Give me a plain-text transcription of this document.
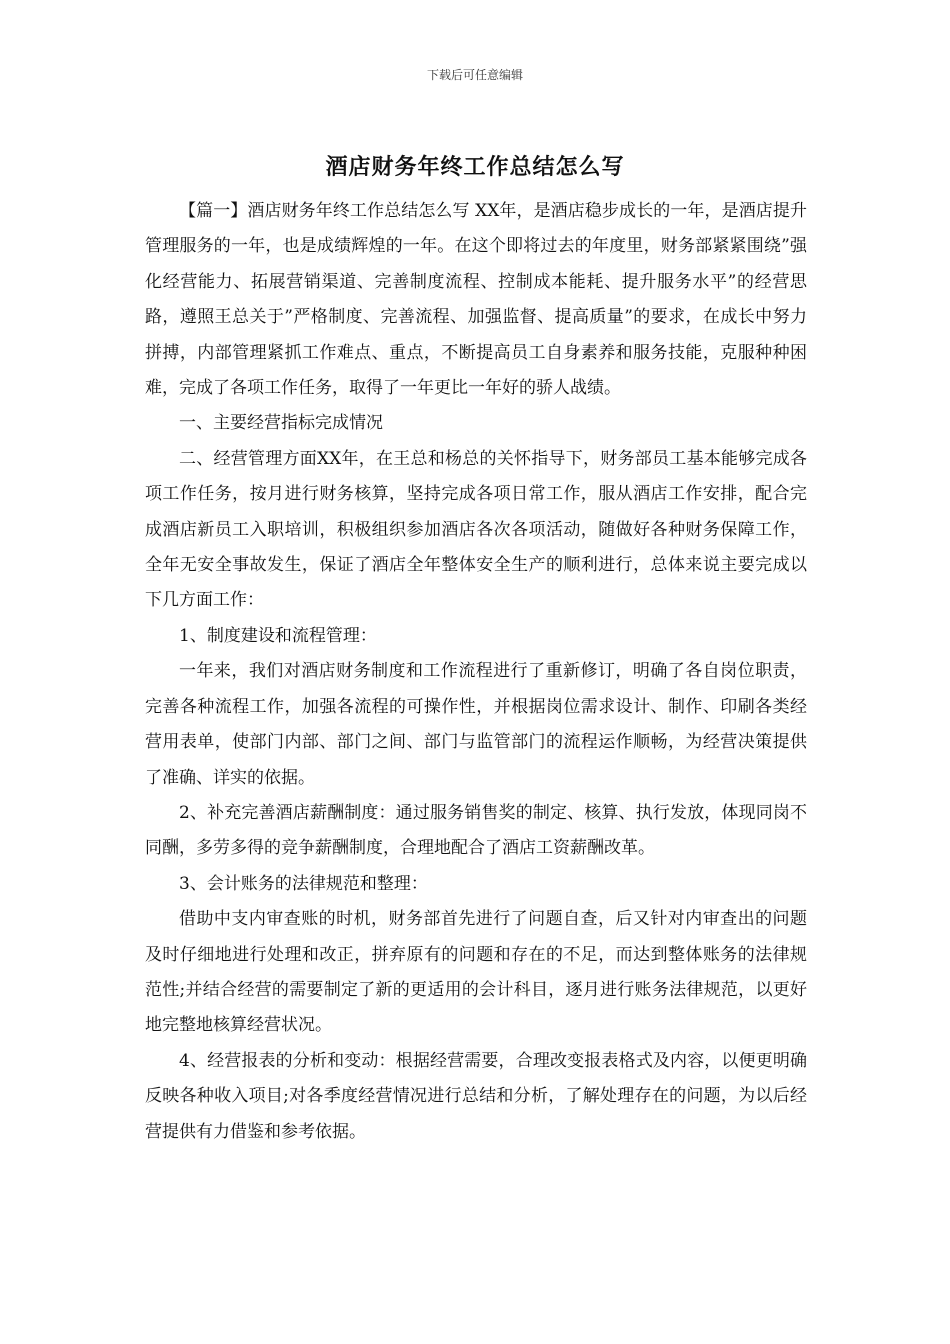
下载后可任意编辑
酒店财务年终工作总结怎么写

【篇一】酒店财务年终工作总结怎么写 XX年，是酒店稳步成长的一年，是酒店提升管理服务的一年，也是成绩辉煌的一年。在这个即将过去的年度里，财务部紧紧围绕”强化经营能力、拓展营销渠道、完善制度流程、控制成本能耗、提升服务水平”的经营思路，遵照王总关于”严格制度、完善流程、加强监督、提高质量”的要求，在成长中努力拼搏，内部管理紧抓工作难点、重点，不断提高员工自身素养和服务技能，克服种种困难，完成了各项工作任务，取得了一年更比一年好的骄人战绩。

一、主要经营指标完成情况

二、经营管理方面XX年，在王总和杨总的关怀指导下，财务部员工基本能够完成各项工作任务，按月进行财务核算，坚持完成各项日常工作，服从酒店工作安排，配合完成酒店新员工入职培训，积极组织参加酒店各次各项活动，随做好各种财务保障工作，全年无安全事故发生，保证了酒店全年整体安全生产的顺利进行，总体来说主要完成以下几方面工作：

1、制度建设和流程管理：

一年来，我们对酒店财务制度和工作流程进行了重新修订，明确了各自岗位职责，完善各种流程工作，加强各流程的可操作性，并根据岗位需求设计、制作、印刷各类经营用表单，使部门内部、部门之间、部门与监管部门的流程运作顺畅，为经营决策提供了准确、详实的依据。

2、补充完善酒店薪酬制度：通过服务销售奖的制定、核算、执行发放，体现同岗不同酬，多劳多得的竞争薪酬制度，合理地配合了酒店工资薪酬改革。

3、会计账务的法律规范和整理：

借助中支内审查账的时机，财务部首先进行了问题自查，后又针对内审查出的问题及时仔细地进行处理和改正，拼弃原有的问题和存在的不足，而达到整体账务的法律规范性;并结合经营的需要制定了新的更适用的会计科目，逐月进行账务法律规范，以更好地完整地核算经营状况。

4、经营报表的分析和变动：根据经营需要，合理改变报表格式及内容，以便更明确反映各种收入项目;对各季度经营情况进行总结和分析，了解处理存在的问题，为以后经营提供有力借鉴和参考依据。
